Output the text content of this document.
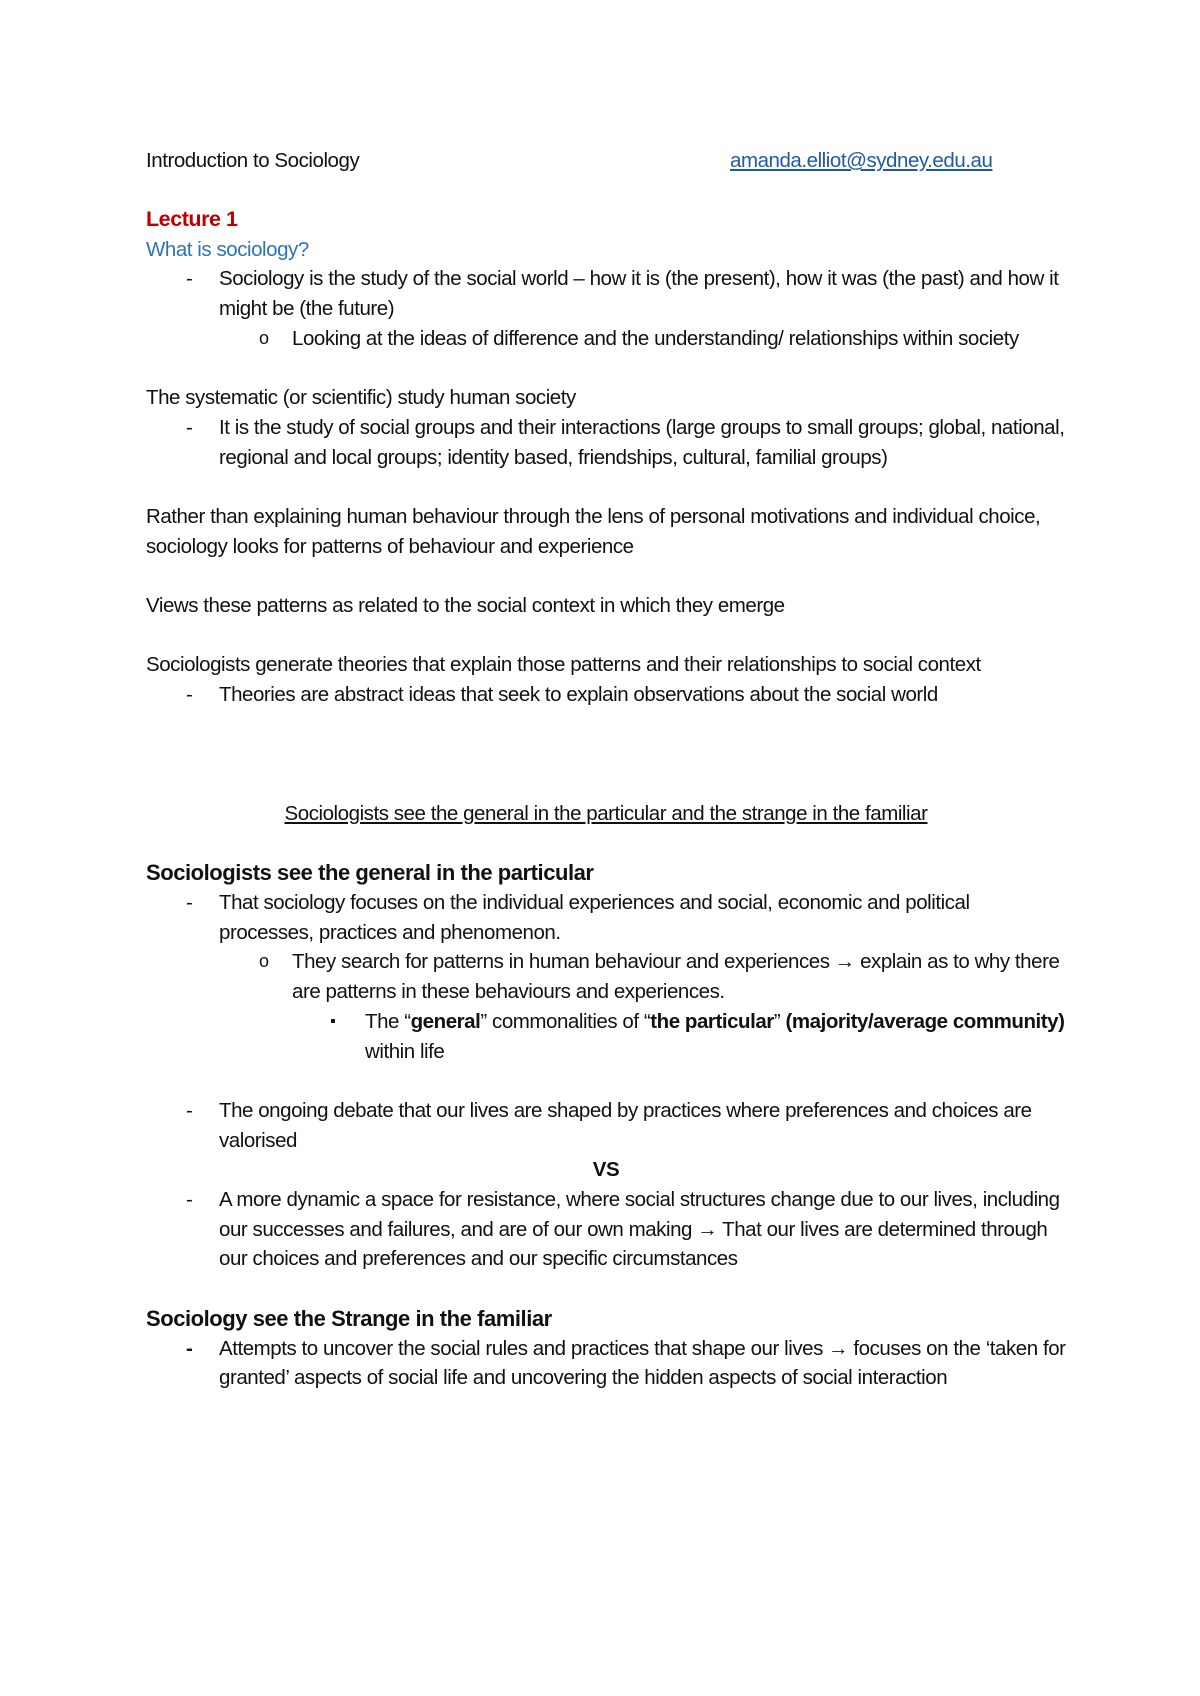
Introduction to Sociology	amanda.elliot@sydney.edu.au

Lecture 1

What is sociology?

- Sociology is the study of the social world – how it is (the present), how it was (the past) and how it might be (the future)
o Looking at the ideas of difference and the understanding/ relationships within society

The systematic (or scientific) study human society

- It is the study of social groups and their interactions (large groups to small groups; global, national, regional and local groups; identity based, friendships, cultural, familial groups)

Rather than explaining human behaviour through the lens of personal motivations and individual choice, sociology looks for patterns of behaviour and experience

Views these patterns as related to the social context in which they emerge

Sociologists generate theories that explain those patterns and their relationships to social context

- Theories are abstract ideas that seek to explain observations about the social world

Sociologists see the general in the particular and the strange in the familiar

Sociologists see the general in the particular

- That sociology focuses on the individual experiences and social, economic and political processes, practices and phenomenon.
o They search for patterns in human behaviour and experiences → explain as to why there are patterns in these behaviours and experiences.
▪ The “general” commonalities of “the particular” (majority/average community) within life
- The ongoing debate that our lives are shaped by practices where preferences and choices are valorised

VS

- A more dynamic a space for resistance, where social structures change due to our lives, including our successes and failures, and are of our own making → That our lives are determined through our choices and preferences and our specific circumstances

Sociology see the Strange in the familiar

- Attempts to uncover the social rules and practices that shape our lives → focuses on the ‘taken for granted’ aspects of social life and uncovering the hidden aspects of social interaction
